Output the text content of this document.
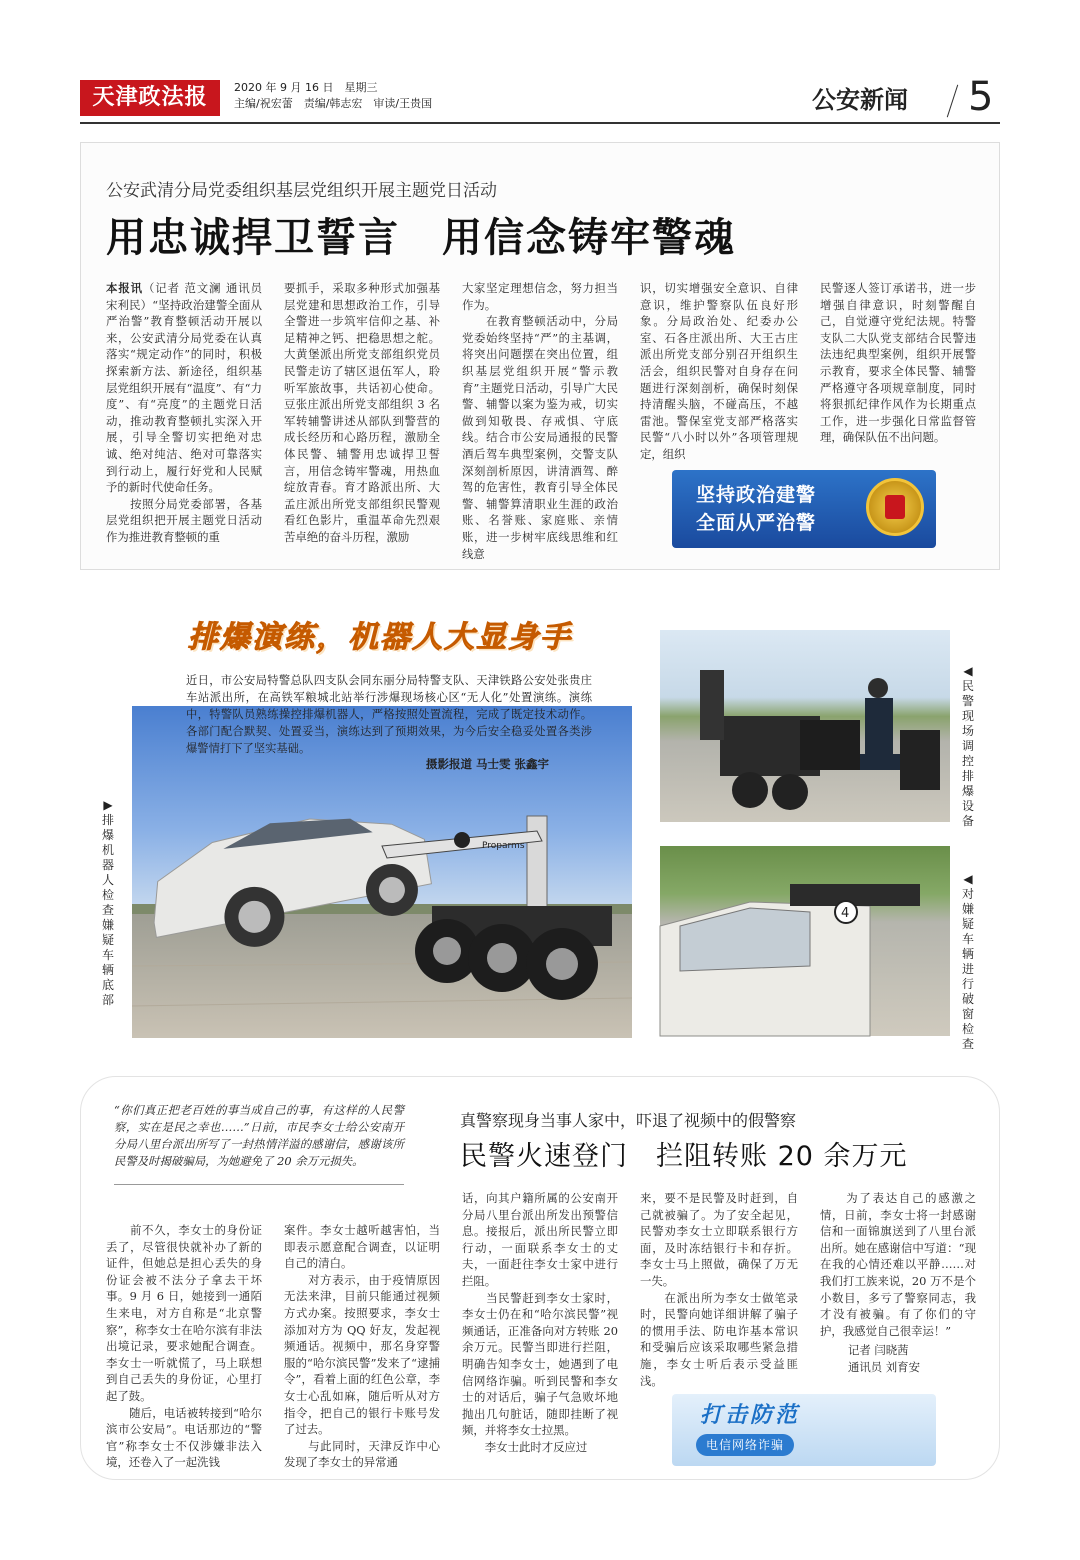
天津政法报	2020 年 9 月 16 日　星期三
主编/祝宏蕾　责编/韩志宏　审读/王贵国	公安新闻 5
公安武清分局党委组织基层党组织开展主题党日活动
用忠诚捍卫誓言　用信念铸牢警魂
本报讯（记者 范文澜 通讯员 宋利民）“坚持政治建警全面从严治警”教育整顿活动开展以来，公安武清分局党委在认真落实“规定动作”的同时，积极探索新方法、新途径，组织基层党组织开展有“温度”、有“力度”、有“亮度”的主题党日活动，推动教育整顿扎实深入开展，引导全警切实把绝对忠诚、绝对纯洁、绝对可靠落实到行动上，履行好党和人民赋予的新时代使命任务。
　　按照分局党委部署，各基层党组织把开展主题党日活动作为推进教育整顿的重
要抓手，采取多种形式加强基层党建和思想政治工作，引导全警进一步筑牢信仰之基、补足精神之钙、把稳思想之舵。大黄堡派出所党支部组织党员民警走访了辖区退伍军人，聆听军旅故事，共话初心使命。豆张庄派出所党支部组织 3 名军转辅警讲述从部队到警营的成长经历和心路历程，激励全体民警、辅警用忠诚捍卫誓言，用信念铸牢警魂，用热血绽放青春。育才路派出所、大孟庄派出所党支部组织民警观看红色影片，重温革命先烈艰苦卓绝的奋斗历程，激励
大家坚定理想信念，努力担当作为。
　　在教育整顿活动中，分局党委始终坚持“严”的主基调，将突出问题摆在突出位置，组织基层党组织开展“警示教育”主题党日活动，引导广大民警、辅警以案为鉴为戒，切实做到知敬畏、存戒惧、守底线。结合市公安局通报的民警酒后驾车典型案例，交警支队深刻剖析原因，讲清酒驾、醉驾的危害性，教育引导全体民警、辅警算清职业生涯的政治账、名誉账、家庭账、亲情账，进一步树牢底线思维和红线意
识，切实增强安全意识、自律意识，维护警察队伍良好形象。分局政治处、纪委办公室、石各庄派出所、大王古庄派出所党支部分别召开组织生活会，组织民警对自身存在问题进行深刻剖析，确保时刻保持清醒头脑，不碰高压，不越雷池。警保室党支部严格落实民警“八小时以外”各项管理规定，组织
民警逐人签订承诺书，进一步增强自律意识，时刻警醒自己，自觉遵守党纪法规。特警支队二大队党支部结合民警违法违纪典型案例，组织开展警示教育，要求全体民警、辅警严格遵守各项规章制度，同时将狠抓纪律作风作为长期重点工作，进一步强化日常监督管理，确保队伍不出问题。
坚持政治建警
全面从严治警
排爆演练，机器人大显身手
Proparms
近日，市公安局特警总队四支队会同东丽分局特警支队、天津铁路公安处张贵庄车站派出所，在高铁军粮城北站举行涉爆现场核心区“无人化”处置演练。演练中，特警队员熟练操控排爆机器人，严格按照处置流程，完成了既定技术动作。各部门配合默契、处置妥当，演练达到了预期效果，为今后安全稳妥处置各类涉爆警情打下了坚实基础。
摄影报道 马士雯 张鑫宇
4
▶排爆机器人检查嫌疑车辆底部
◀民警现场调控排爆设备
◀对嫌疑车辆进行破窗检查
“你们真正把老百姓的事当成自己的事，有这样的人民警察，实在是民之幸也……”日前，市民李女士给公安南开分局八里台派出所写了一封热情洋溢的感谢信，感谢该所民警及时揭破骗局，为她避免了 20 余万元损失。
真警察现身当事人家中，吓退了视频中的假警察
民警火速登门　拦阻转账 20 余万元
　　前不久，李女士的身份证丢了，尽管很快就补办了新的证件，但她总是担心丢失的身份证会被不法分子拿去干坏事。9 月 6 日，她接到一通陌生来电，对方自称是“北京警察”，称李女士在哈尔滨有非法出境记录，要求她配合调查。李女士一听就慌了，马上联想到自己丢失的身份证，心里打起了鼓。
　　随后，电话被转接到“哈尔滨市公安局”。电话那边的“警官”称李女士不仅涉嫌非法入境，还卷入了一起洗钱
案件。李女士越听越害怕，当即表示愿意配合调查，以证明自己的清白。
　　对方表示，由于疫情原因无法来津，目前只能通过视频方式办案。按照要求，李女士添加对方为 QQ 好友，发起视频通话。视频中，那名身穿警服的“哈尔滨民警”发来了“逮捕令”，看着上面的红色公章，李女士心乱如麻，随后听从对方指令，把自己的银行卡账号发了过去。
　　与此同时，天津反诈中心发现了李女士的异常通
话，向其户籍所属的公安南开分局八里台派出所发出预警信息。接报后，派出所民警立即行动，一面联系李女士的丈夫，一面赶往李女士家中进行拦阻。
　　当民警赶到李女士家时，李女士仍在和“哈尔滨民警”视频通话，正准备向对方转账 20 余万元。民警当即进行拦阻，明确告知李女士，她遇到了电信网络诈骗。听到民警和李女士的对话后，骗子气急败坏地抛出几句脏话，随即挂断了视频，并将李女士拉黑。
　　李女士此时才反应过
来，要不是民警及时赶到，自己就被骗了。为了安全起见，民警劝李女士立即联系银行方面，及时冻结银行卡和存折。李女士马上照做，确保了万无一失。
　　在派出所为李女士做笔录时，民警向她详细讲解了骗子的惯用手法、防电诈基本常识和受骗后应该采取哪些紧急措施，李女士听后表示受益匪浅。
　　为了表达自己的感激之情，日前，李女士将一封感谢信和一面锦旗送到了八里台派出所。她在感谢信中写道：“现在我的心情还难以平静……对我们打工族来说，20 万不是个小数目，多亏了警察同志，我才没有被骗。有了你们的守护，我感觉自己很幸运！”
记者 闫晓茜
通讯员 刘育安
打击防范
电信网络诈骗
